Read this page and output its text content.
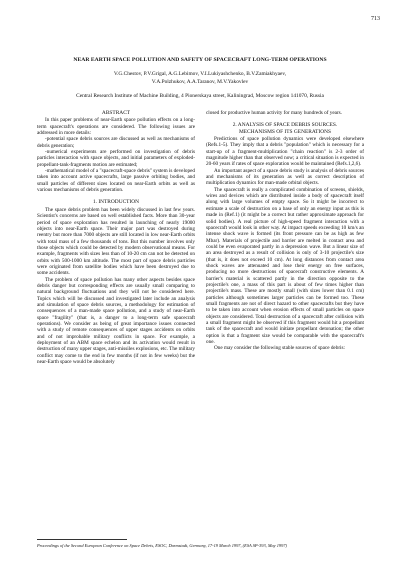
713
NEAR EARTH SPACE POLLUTION AND SAFETY OF SPACECRAFT LONG-TERM OPERATIONS
V.G.Chestov, P.V.Grigal, A.G.Lebimov, V.I.Lukiyashchenko, B.V.Zamiakhyaev,
V.A.Polzhukov, A.A.Taranov, M.V.Yakovlev
Central Research Institute of Machine Building, 4 Pionerskaya street, Kaliningrad, Moscow region 141070, Russia
ABSTRACT

In this paper problems of near-Earth space pollution effects on a long-term spacecraft's operations are considered. The following issues are addressed in more details:

-potential space debris sources are discussed as well as mechanisms of debris generation;

-numerical experiments are performed on investigation of debris particles interaction with space objects, and initial parameters of exploded-propellant-tank-fragments motion are estimated;

-mathematical model of a "spacecraft-space debris" system is developed taken into account active spacecrafts, large passive orbiting bodies, and small particles of different sizes located on near-Earth orbits as well as various mechanisms of debris generation.

1. INTRODUCTION

The space debris problem has been widely discussed in last few years. Scientist's concerns are based on well established facts. More than 30-year period of space exploration has resulted in launching of nearly 19000 objects into near-Earth space. Their major part was destroyed during reentry but more than 7000 objects are still located in low near-Earth orbits with total mass of a few thousands of tons. But this number involves only those objects which could be detected by modern observational means. For example, fragments with sizes less than of 10-20 cm can not be detected on orbits with 500-1000 km altitude. The most part of space debris particles were originated from satellite bodies which have been destroyed due to some accidents.

The problem of space pollution has many other aspects besides space debris danger but corresponding effects are usually small comparing to natural background fluctuations and they will not be considered here. Topics which will be discussed and investigated later include an analysis and simulation of space debris sources, a methodology for estimation of consequences of a man-made space pollution, and a study of near-Earth space "fragility" (that is, a danger to a long-term safe spacecraft operations). We consider as being of great importance issues connected with a study of remote consequences of upper stages accidents on orbits and of not improbable military conflicts in space. For example, a deployment of an ABM space echelon and its activation would result in destruction of many upper stages, anti-missiles explosions, etc. The military conflict may come to the end in few months (if not in few weeks) but the near-Earth space would be absolutely

closed for productive human activity for many hundreds of years.

2. ANALYSIS OF SPACE DEBRIS SOURCES.
MECHANISMS OF ITS GENERATIONS

Predictions of space pollution dynamics were developed elsewhere (Refs.1-5). They imply that a debris "population" which is necessary for a start-up of a fragment-multiplication "chain reaction" is 2-3 order of magnitude higher than that observed now; a critical situation is expected in 20-60 years if rates of space exploration would be maintained (Refs.1,2,6).

An important aspect of a space debris study is analysis of debris sources and mechanisms of its generation as well as correct description of multiplication dynamics for man-made orbital objects.

The spacecraft is really a complicated combination of screens, shields, wires and devices which are distributed inside a body of spacecraft itself along with large volumes of empty space. So it might be incorrect to estimate a scale of destruction on a base of only an energy input as this is made in (Ref.1) (it might be a correct but rather approximate approach for solid bodies). A real picture of high-speed fragment interaction with a spacecraft would look in other way. At impact speeds exceeding 10 km/s an intense shock wave is formed (its front pressure can be as high as few Mbar). Materials of projectile and barrier are melted in contact area and could be even evaporated partly in a depression wave. But a linear size of an area destroyed as a result of collision is only of 3-10 projectile's size (that is, it does not exceed 10 cm). At long distances from contact area shock waves are attenuated and lose their energy on free surfaces, producing no more destructions of spacecraft constructive elements. A barrier's material is scattered partly in the direction opposite to the projectile's one, a mass of this part is about of few times higher than projectile's mass. These are mostly small (with sizes lower than 0.1 cm) particles although sometimes larger particles can be formed too. These small fragments are not of direct hazard to other spacecrafts but they have to be taken into account when erosion effects of small particles on space objects are considered. Total destruction of a spacecraft after collision with a small fragment might be observed if this fragment would hit a propellant tank of the spacecraft and would initiate propellant detonation; the other option is that a fragment size would be comparable with the spacecraft's one.

One may consider the following stable sources of space debris:

Proceedings of the Second European Conference on Space Debris, ESOC, Darmstadt, Germany, 17-19 March 1997, (ESA SP-393, May 1997)
